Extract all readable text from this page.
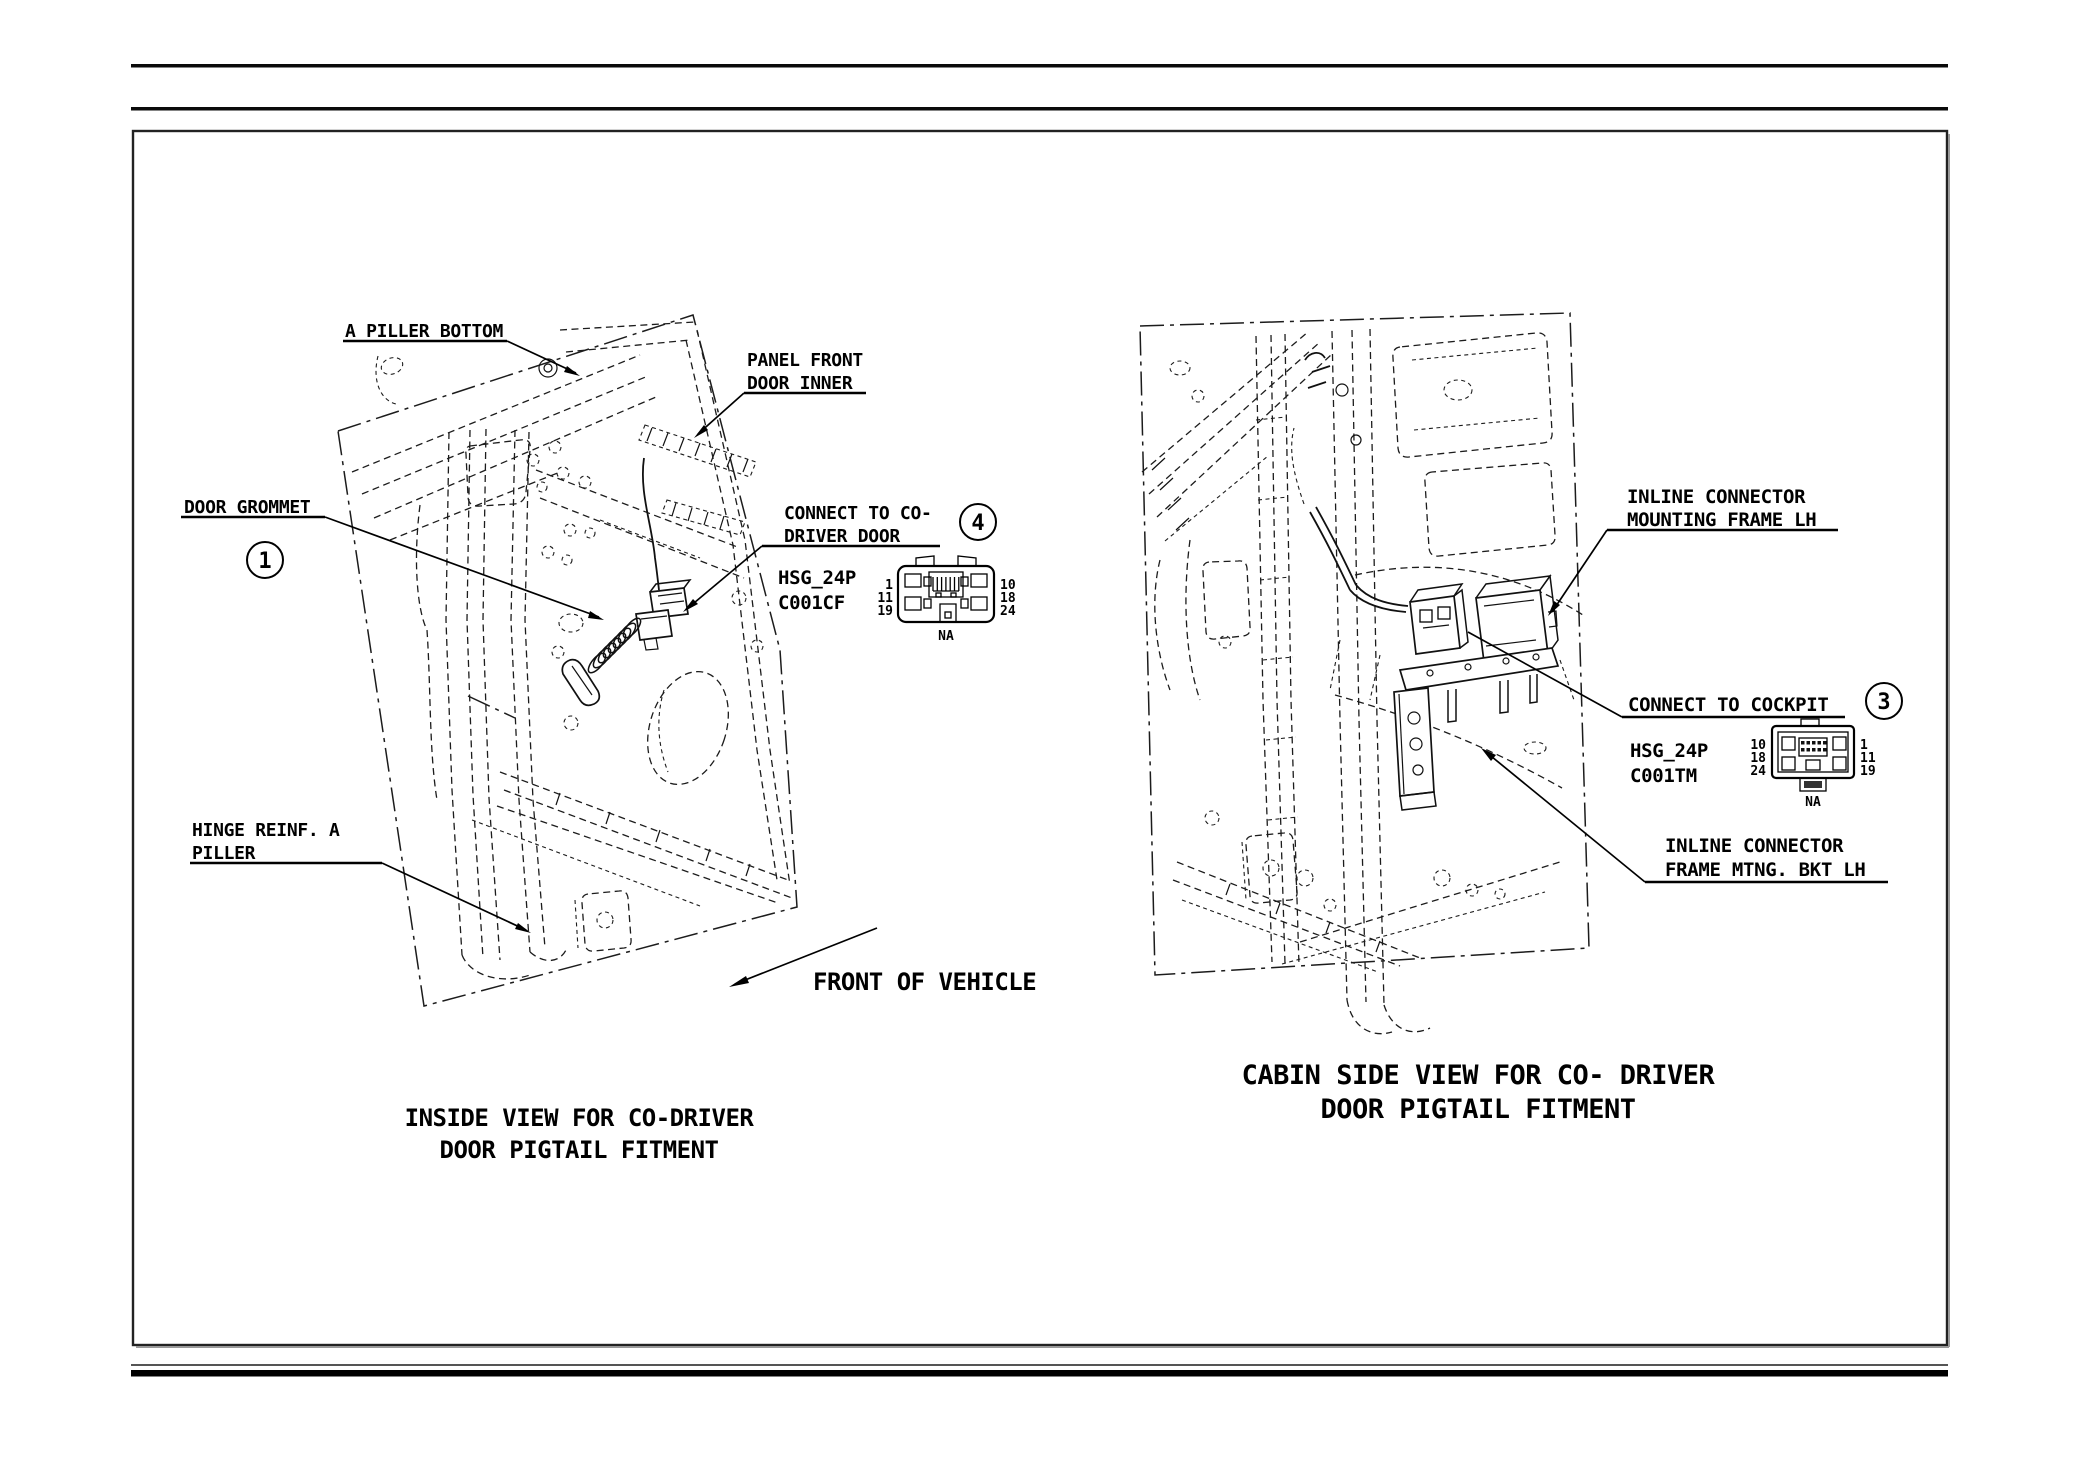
A PILLER BOTTOM
PANEL FRONT
DOOR INNER
DOOR GROMMET	CONNECT TO CO-
DRIVER DOOR
HINGE REINF. A
PILLER
FRONT OF VEHICLE
INSIDE VIEW FOR CO-DRIVER
DOOR PIGTAIL FITMENT
1
4
HSG_24P
C001CF
1
11
19
10
18
24
NA
INLINE CONNECTOR
MOUNTING FRAME LH
CONNECT TO COCKPIT
INLINE CONNECTOR
FRAME MTNG. BKT LH
CABIN SIDE VIEW FOR CO- DRIVER
DOOR PIGTAIL FITMENT
3
HSG_24P
C001TM
10
18
24
1
11
19
NA
